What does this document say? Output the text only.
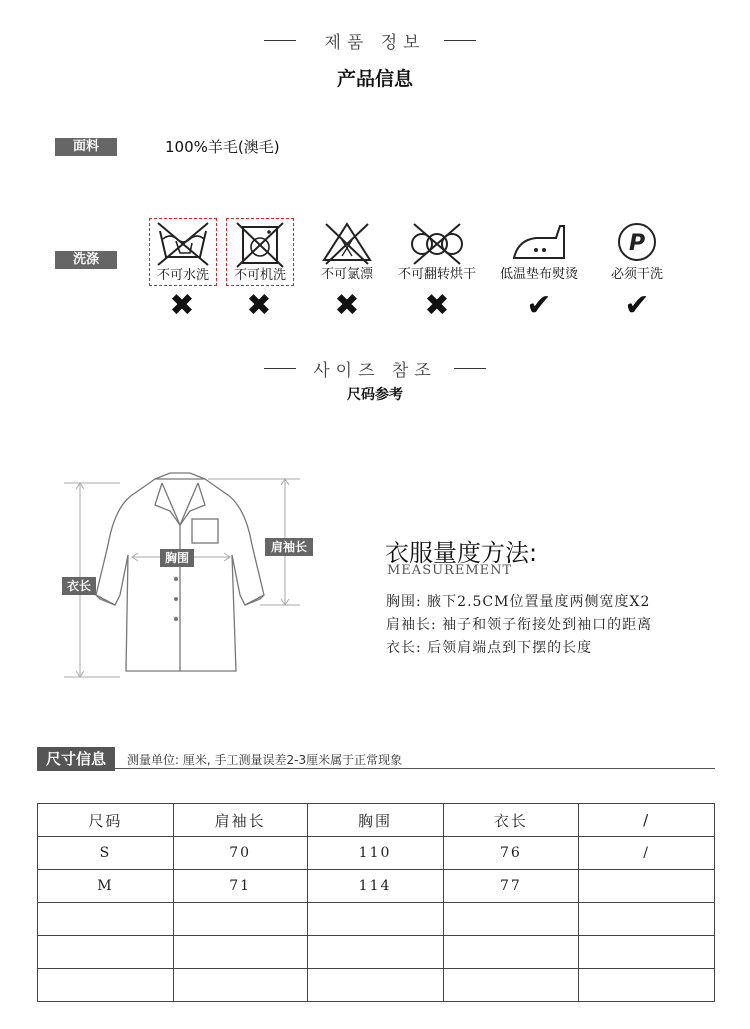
제품 정보
产品信息
面料	100%羊毛(澳毛)
洗涤
不可水洗
✖
不可机洗
✖
不可氯漂
✖
不可翻转烘干
✖
低温垫布熨烫
✔
P
必须干洗
✔
사이즈 참조
尺码参考
衣长
胸围
肩袖长	衣服量度方法:
MEASUREMENT
胸围: 腋下2.5CM位置量度两侧宽度X2
肩袖长: 袖子和领子衔接处到袖口的距离
衣长: 后领肩端点到下摆的长度
尺寸信息	测量单位: 厘米, 手工测量误差2-3厘米属于正常现象
尺码	肩袖长	胸围	衣长	/
S	70	110	76	/
M	71	114	77	
